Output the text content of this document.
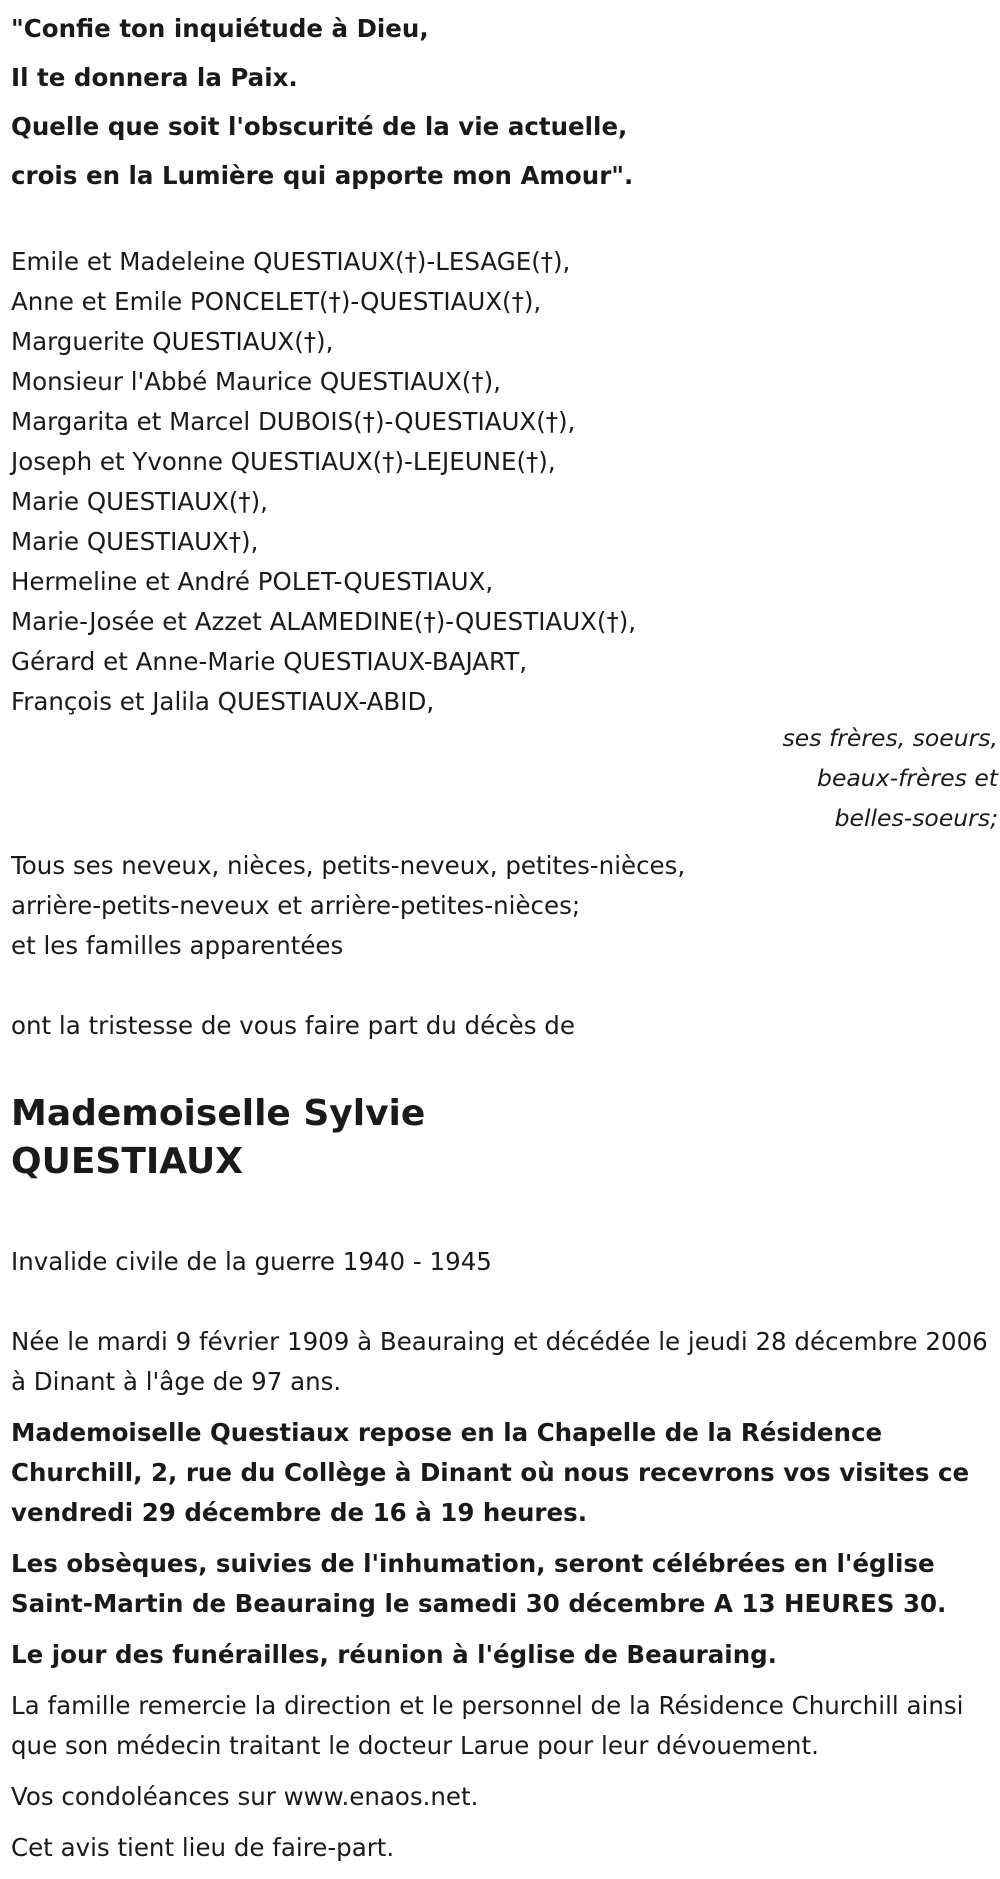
"Confie ton inquiétude à Dieu,

Il te donnera la Paix.

Quelle que soit l'obscurité de la vie actuelle,

crois en la Lumière qui apporte mon Amour".

Emile et Madeleine QUESTIAUX(†)-LESAGE(†),

Anne et Emile PONCELET(†)-QUESTIAUX(†),

Marguerite QUESTIAUX(†),

Monsieur l'Abbé Maurice QUESTIAUX(†),

Margarita et Marcel DUBOIS(†)-QUESTIAUX(†),

Joseph et Yvonne QUESTIAUX(†)-LEJEUNE(†),

Marie QUESTIAUX(†),

Marie QUESTIAUX†),

Hermeline et André POLET-QUESTIAUX,

Marie-Josée et Azzet ALAMEDINE(†)-QUESTIAUX(†),

Gérard et Anne-Marie QUESTIAUX-BAJART,

François et Jalila QUESTIAUX-ABID,

ses frères, soeurs,

beaux-frères et

belles-soeurs;

Tous ses neveux, nièces, petits-neveux, petites-nièces,

arrière-petits-neveux et arrière-petites-nièces;

et les familles apparentées

ont la tristesse de vous faire part du décès de

Mademoiselle Sylvie

QUESTIAUX

Invalide civile de la guerre 1940 - 1945

Née le mardi 9 février 1909 à Beauraing et décédée le jeudi 28 décembre 2006 à Dinant à l'âge de 97 ans.

Mademoiselle Questiaux repose en la Chapelle de la Résidence Churchill, 2, rue du Collège à Dinant où nous recevrons vos visites ce vendredi 29 décembre de 16 à 19 heures.

Les obsèques, suivies de l'inhumation, seront célébrées en l'église Saint-Martin de Beauraing le samedi 30 décembre A 13 HEURES 30.

Le jour des funérailles, réunion à l'église de Beauraing.

La famille remercie la direction et le personnel de la Résidence Churchill ainsi que son médecin traitant le docteur Larue pour leur dévouement.

Vos condoléances sur www.enaos.net.

Cet avis tient lieu de faire-part.
